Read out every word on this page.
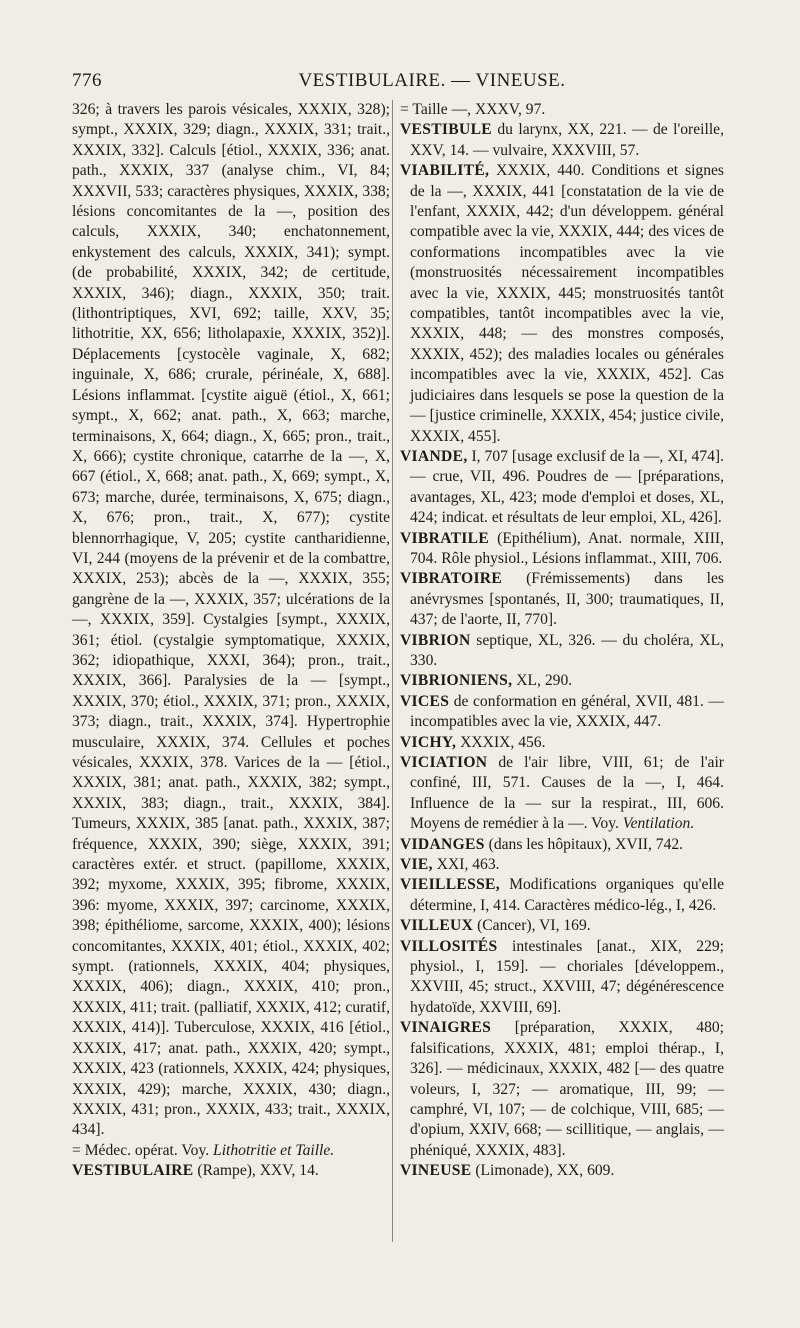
776	VESTIBULAIRE. — VINEUSE.

326; à travers les parois vésicales, XXXIX, 328); sympt., XXXIX, 329; diagn., XXXIX, 331; trait., XXXIX, 332]. Calculs [étiol., XXXIX, 336; anat. path., XXXIX, 337 (analyse chim., VI, 84; XXXVII, 533; caractères physiques, XXXIX, 338; lésions concomitantes de la —, position des calculs, XXXIX, 340; enchatonnement, enkystement des calculs, XXXIX, 341); sympt. (de probabilité, XXXIX, 342; de certitude, XXXIX, 346); diagn., XXXIX, 350; trait. (lithontriptiques, XVI, 692; taille, XXV, 35; lithotritie, XX, 656; litholapaxie, XXXIX, 352)]. Déplacements [cystocèle vaginale, X, 682; inguinale, X, 686; crurale, périnéale, X, 688]. Lésions inflammat. [cystite aiguë (étiol., X, 661; sympt., X, 662; anat. path., X, 663; marche, terminaisons, X, 664; diagn., X, 665; pron., trait., X, 666); cystite chronique, catarrhe de la —, X, 667 (étiol., X, 668; anat. path., X, 669; sympt., X, 673; marche, durée, terminaisons, X, 675; diagn., X, 676; pron., trait., X, 677); cystite blennorrhagique, V, 205; cystite cantharidienne, VI, 244 (moyens de la prévenir et de la combattre, XXXIX, 253); abcès de la —, XXXIX, 355; gangrène de la —, XXXIX, 357; ulcérations de la —, XXXIX, 359]. Cystalgies [sympt., XXXIX, 361; étiol. (cystalgie symptomatique, XXXIX, 362; idiopathique, XXXI, 364); pron., trait., XXXIX, 366]. Paralysies de la — [sympt., XXXIX, 370; étiol., XXXIX, 371; pron., XXXIX, 373; diagn., trait., XXXIX, 374]. Hypertrophie musculaire, XXXIX, 374. Cellules et poches vésicales, XXXIX, 378. Varices de la — [étiol., XXXIX, 381; anat. path., XXXIX, 382; sympt., XXXIX, 383; diagn., trait., XXXIX, 384]. Tumeurs, XXXIX, 385 [anat. path., XXXIX, 387; fréquence, XXXIX, 390; siège, XXXIX, 391; caractères extér. et struct. (papillome, XXXIX, 392; myxome, XXXIX, 395; fibrome, XXXIX, 396: myome, XXXIX, 397; carcinome, XXXIX, 398; épithéliome, sarcome, XXXIX, 400); lésions concomitantes, XXXIX, 401; étiol., XXXIX, 402; sympt. (rationnels, XXXIX, 404; physiques, XXXIX, 406); diagn., XXXIX, 410; pron., XXXIX, 411; trait. (palliatif, XXXIX, 412; curatif, XXXIX, 414)]. Tuberculose, XXXIX, 416 [étiol., XXXIX, 417; anat. path., XXXIX, 420; sympt., XXXIX, 423 (rationnels, XXXIX, 424; physiques, XXXIX, 429); marche, XXXIX, 430; diagn., XXXIX, 431; pron., XXXIX, 433; trait., XXXIX, 434].

= Médec. opérat. Voy. Lithotritie et Taille.

VESTIBULAIRE (Rampe), XXV, 14.

= Taille —, XXXV, 97.

VESTIBULE du larynx, XX, 221. — de l'oreille, XXV, 14. — vulvaire, XXXVIII, 57.

VIABILITÉ, XXXIX, 440. Conditions et signes de la —, XXXIX, 441 [constatation de la vie de l'enfant, XXXIX, 442; d'un développem. général compatible avec la vie, XXXIX, 444; des vices de conformations incompatibles avec la vie (monstruosités nécessairement incompatibles avec la vie, XXXIX, 445; monstruosités tantôt compatibles, tantôt incompatibles avec la vie, XXXIX, 448; — des monstres composés, XXXIX, 452); des maladies locales ou générales incompatibles avec la vie, XXXIX, 452]. Cas judiciaires dans lesquels se pose la question de la — [justice criminelle, XXXIX, 454; justice civile, XXXIX, 455].

VIANDE, I, 707 [usage exclusif de la —, XI, 474]. — crue, VII, 496. Poudres de — [préparations, avantages, XL, 423; mode d'emploi et doses, XL, 424; indicat. et résultats de leur emploi, XL, 426].

VIBRATILE (Epithélium), Anat. normale, XIII, 704. Rôle physiol., Lésions inflammat., XIII, 706.

VIBRATOIRE (Frémissements) dans les anévrysmes [spontanés, II, 300; traumatiques, II, 437; de l'aorte, II, 770].

VIBRION septique, XL, 326. — du choléra, XL, 330.

VIBRIONIENS, XL, 290.

VICES de conformation en général, XVII, 481. — incompatibles avec la vie, XXXIX, 447.

VICHY, XXXIX, 456.

VICIATION de l'air libre, VIII, 61; de l'air confiné, III, 571. Causes de la —, I, 464. Influence de la — sur la respirat., III, 606. Moyens de remédier à la —. Voy. Ventilation.

VIDANGES (dans les hôpitaux), XVII, 742.

VIE, XXI, 463.

VIEILLESSE, Modifications organiques qu'elle détermine, I, 414. Caractères médico-lég., I, 426.

VILLEUX (Cancer), VI, 169.

VILLOSITÉS intestinales [anat., XIX, 229; physiol., I, 159]. — choriales [développem., XXVIII, 45; struct., XXVIII, 47; dégénérescence hydatoïde, XXVIII, 69].

VINAIGRES [préparation, XXXIX, 480; falsifications, XXXIX, 481; emploi thérap., I, 326]. — médicinaux, XXXIX, 482 [— des quatre voleurs, I, 327; — aromatique, III, 99; — camphré, VI, 107; — de colchique, VIII, 685; — d'opium, XXIV, 668; — scillitique, — anglais, — phéniqué, XXXIX, 483].

VINEUSE (Limonade), XX, 609.
